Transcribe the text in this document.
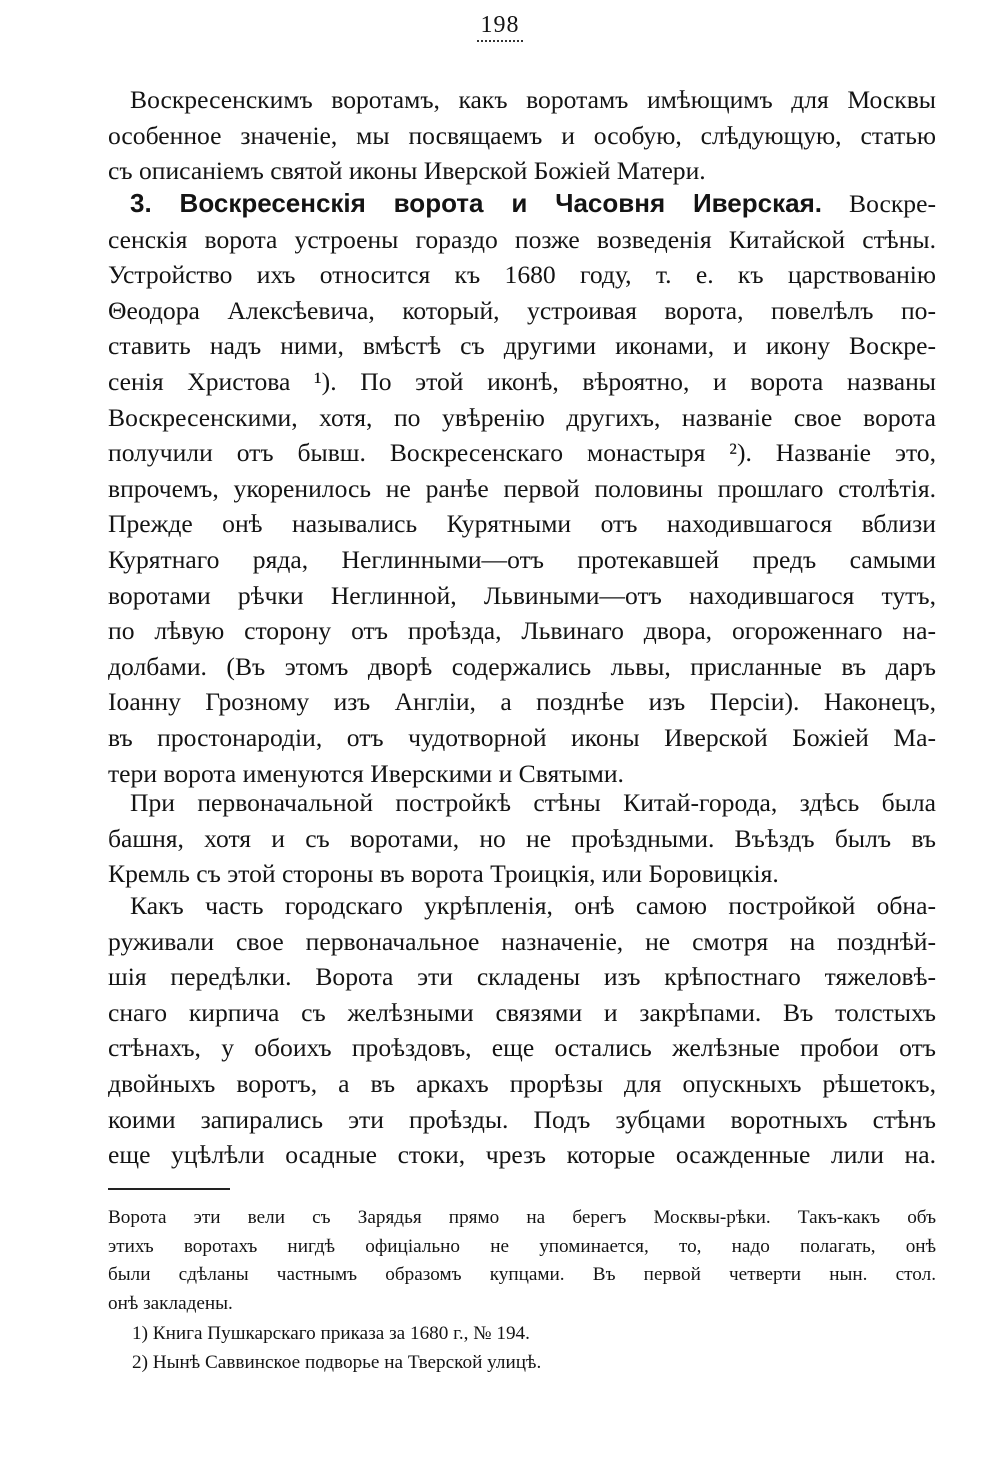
198
Воскресенскимъ воротамъ, какъ воротамъ имѣющимъ для Москвы
особенное значеніе, мы посвящаемъ и особую, слѣдующую, статью
съ описаніемъ святой иконы Иверской Божіей Матери.
3. Воскресенскія ворота и Часовня Иверская. Воскре-
сенскія ворота устроены гораздо позже возведенія Китайской стѣны.
Устройство ихъ относится къ 1680 году, т. е. къ царствованію
Θеодора Алексѣевича, который, устроивая ворота, повелѣлъ по-
ставить надъ ними, вмѣстѣ съ другими иконами, и икону Воскре-
сенія Христова ¹). По этой иконѣ, вѣроятно, и ворота названы
Воскресенскими, хотя, по увѣренію другихъ, названіе свое ворота
получили отъ бывш. Воскресенскаго монастыря ²). Названіе это,
впрочемъ, укоренилось не ранѣе первой половины прошлаго столѣтія.
Прежде онѣ назывались Курятными отъ находившагося вблизи
Курятнаго ряда, Неглинными—отъ протекавшей предъ самыми
воротами рѣчки Неглинной, Львиными—отъ находившагося тутъ,
по лѣвую сторону отъ проѣзда, Львинаго двора, огороженнаго на-
долбами. (Въ этомъ дворѣ содержались львы, присланные въ даръ
Іоанну Грозному изъ Англіи, а позднѣе изъ Персіи). Наконецъ,
въ простонародіи, отъ чудотворной иконы Иверской Божіей Ма-
тери ворота именуются Иверскими и Святыми.
При первоначальной постройкѣ стѣны Китай-города, здѣсь была
башня, хотя и съ воротами, но не проѣздными. Въѣздъ былъ въ
Кремль съ этой стороны въ ворота Троицкія, или Боровицкія.
Какъ часть городскаго укрѣпленія, онѣ самою постройкой обна-
руживали свое первоначальное назначеніе, не смотря на позднѣй-
шія передѣлки. Ворота эти складены изъ крѣпостнаго тяжеловѣ-
снаго кирпича съ желѣзными связями и закрѣпами. Въ толстыхъ
стѣнахъ, у обоихъ проѣздовъ, еще остались желѣзные пробои отъ
двойныхъ воротъ, а въ аркахъ прорѣзы для опускныхъ рѣшетокъ,
коими запирались эти проѣзды. Подъ зубцами воротныхъ стѣнъ
еще уцѣлѣли осадные стоки, чрезъ которые осажденные лили на.
Ворота эти вели съ Зарядья прямо на берегъ Москвы-рѣки. Такъ-какъ объ
этихъ воротахъ нигдѣ офиціально не упоминается, то, надо полагать, онѣ
были сдѣланы частнымъ образомъ купцами. Въ первой четверти нын. стол.
онѣ закладены.
1) Книга Пушкарскаго приказа за 1680 г., № 194.
2) Нынѣ Саввинское подворье на Тверской улицѣ.
